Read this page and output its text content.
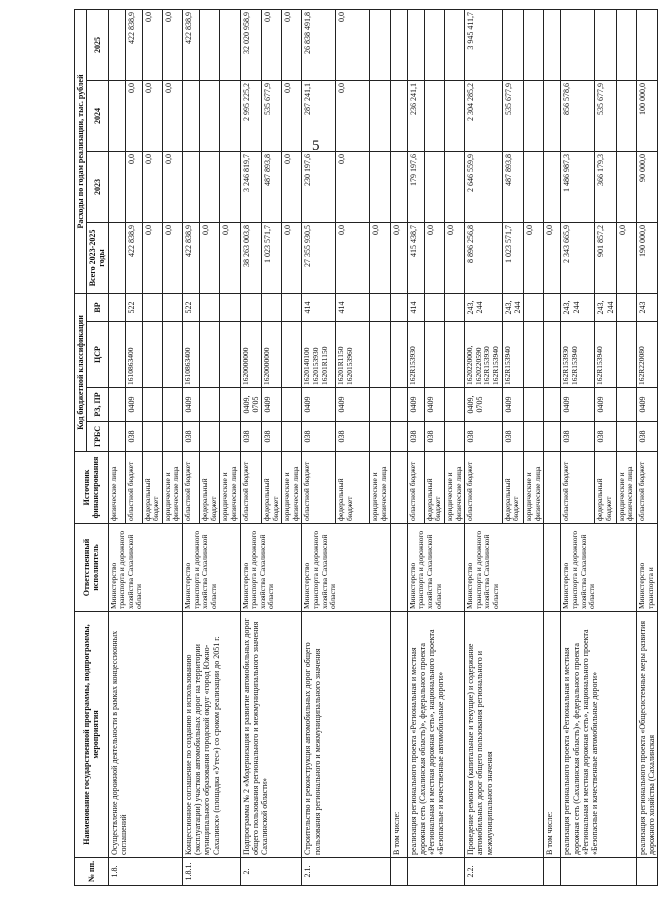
5
№ пп.	Наименование государственной программы, подпрограммы, мероприятия	Ответственный исполнитель	Источник финансирования	Код бюджетной классификации				Расходы по годам реализации, тыс. рублей			
				ГРБС	РЗ, ПР	ЦСР	ВР	Всего 2023-2025 годы	2023	2024	2025
1.8.	Осуществление дорожной деятельности в рамках концессионных соглашений	Министерство транспорта и дорожного хозяйства Сахалинской области	физические лица								
			областной бюджет	038	0409	1610863400	522	422 838,9	0,0	0,0	422 838,9
			федеральный бюджет					0,0	0,0	0,0	0,0
			юридические и физические лица					0,0	0,0	0,0	0,0
1.8.1.	Концессионное соглашение по созданию и использованию (эксплуатации) участков автомобильных дорог на территории муниципального образования городской округ «город Южно-Сахалинск» (площадка «Утес») со сроком реализации до 2051 г.	Министерство транспорта и дорожного хозяйства Сахалинской области	областной бюджет	038	0409	1610863400	522	422 838,9			422 838,9
			федеральный бюджет					0,0			
			юридические и физические лица					0,0			
2.	Подпрограмма № 2 «Модернизация и развитие автомобильных дорог общего пользования регионального и межмуниципального значения Сахалинской области»	Министерство транспорта и дорожного хозяйства Сахалинской области	областной бюджет	038	0409, 0705	1620000000		38 263 003,8	3 246 819,7	2 995 225,2	32 020 958,9
			федеральный бюджет	038	0409	1620000000		1 023 571,7	487 893,8	535 677,9	0,0
			юридические и физические лица					0,0	0,0	0,0	0,0
2.1.	Строительство и реконструкция автомобильных дорог общего пользования регионального и межмуниципального значения	Министерство транспорта и дорожного хозяйства Сахалинской области	областной бюджет	038	0409	1620140100 1620153930 16201R1150	414	27 355 930,5	230 197,6	287 241,1	26 838 491,8
			федеральный бюджет	038	0409	16201R1150 1620153960	414	0,0	0,0	0,0	0,0
			юридические и физические лица					0,0			
	В том числе:							0,0			
	реализация регионального проекта «Региональная и местная дорожная сеть (Сахалинская область)», федерального проекта «Региональная и местная дорожная сеть», национального проекта «Безопасные и качественные автомобильные дороги»	Министерство транспорта и дорожного хозяйства Сахалинской области	областной бюджет	038	0409	162R153930	414	415 438,7	179 197,6	236 241,1	
			федеральный бюджет	038	0409			0,0			
			юридические и физические лица					0,0			
2.2.	Проведение ремонтов (капитальные и текущие) и содержание автомобильных дорог общего пользования регионального и межмуниципального значения	Министерство транспорта и дорожного хозяйства Сахалинской области	областной бюджет	038	0409, 0705	1620220000, 1620220590 162R153930 162R153940	243, 244	8 896 256,8	2 646 559,9	2 304 285,2	3 945 411,7
			федеральный бюджет	038	0409	162R153940	243, 244	1 023 571,7	487 893,8	535 677,9	
			юридические и физические лица					0,0			
	В том числе:							0,0			
	реализация регионального проекта «Региональная и местная дорожная сеть (Сахалинская область)», федерального проекта «Региональная и местная дорожная сеть», национального проекта «Безопасные и качественные автомобильные дороги»	Министерство транспорта и дорожного хозяйства Сахалинской области	областной бюджет	038	0409	162R153930 162R153940	243, 244	2 343 665,9	1 486 987,3	856 578,6	
			федеральный бюджет	038	0409	162R153940	243, 244	901 857,2	366 179,3	535 677,9	
			юридические и физические лица					0,0			
	реализация регионального проекта «Общесистемные меры развития дорожного хозяйства (Сахалинская	Министерство транспорта и	областной бюджет	038	0409	162R220080	243	190 000,0	90 000,0	100 000,0	
